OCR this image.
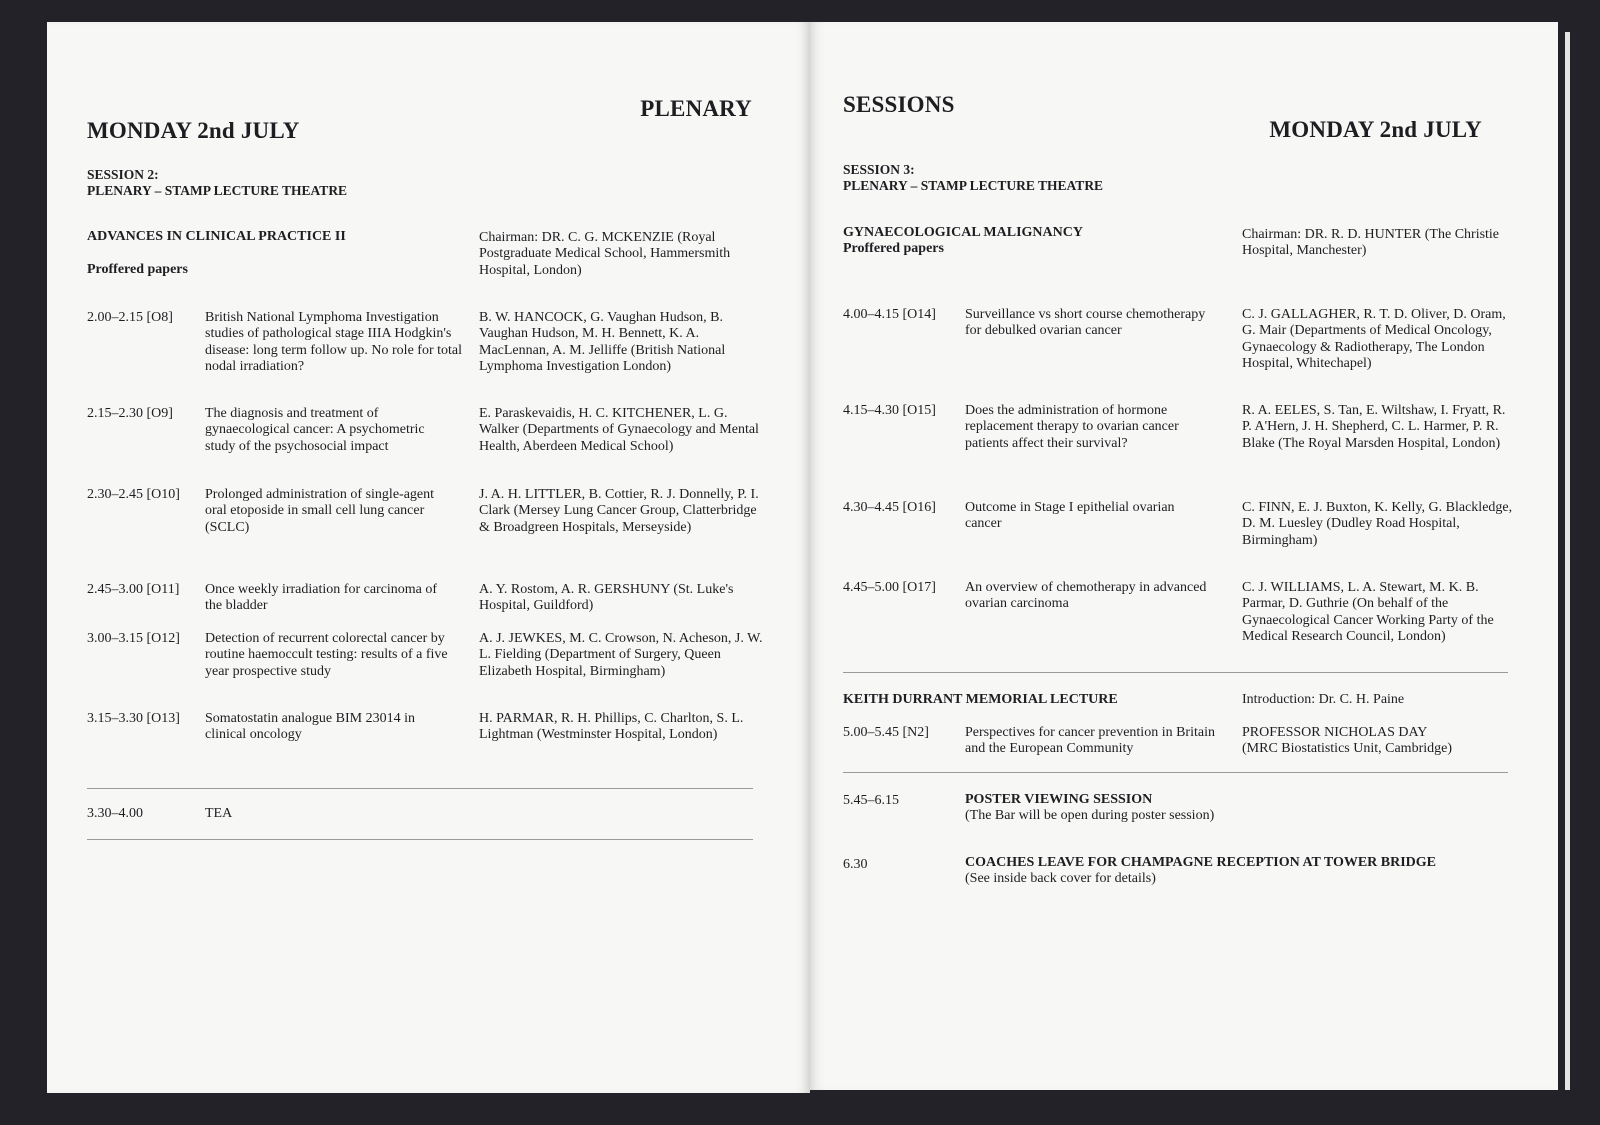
MONDAY 2nd JULY
PLENARY
SESSION 2:
PLENARY – STAMP LECTURE THEATRE
ADVANCES IN CLINICAL PRACTICE II
Proffered papers
Chairman: DR. C. G. MCKENZIE (Royal Postgraduate Medical School, Hammersmith Hospital, London)
2.00–2.15 [O8] British National Lymphoma Investigation studies of pathological stage IIIA Hodgkin's disease: long term follow up. No role for total nodal irradiation?
B. W. HANCOCK, G. Vaughan Hudson, B. Vaughan Hudson, M. H. Bennett, K. A. MacLennan, A. M. Jelliffe (British National Lymphoma Investigation London)
2.15–2.30 [O9] The diagnosis and treatment of gynaecological cancer: A psychometric study of the psychosocial impact
E. Paraskevaidis, H. C. KITCHENER, L. G. Walker (Departments of Gynaecology and Mental Health, Aberdeen Medical School)
2.30–2.45 [O10] Prolonged administration of single-agent oral etoposide in small cell lung cancer (SCLC)
J. A. H. LITTLER, B. Cottier, R. J. Donnelly, P. I. Clark (Mersey Lung Cancer Group, Clatterbridge & Broadgreen Hospitals, Merseyside)
2.45–3.00 [O11] Once weekly irradiation for carcinoma of the bladder
A. Y. Rostom, A. R. GERSHUNY (St. Luke's Hospital, Guildford)
3.00–3.15 [O12] Detection of recurrent colorectal cancer by routine haemoccult testing: results of a five year prospective study
A. J. JEWKES, M. C. Crowson, N. Acheson, J. W. L. Fielding (Department of Surgery, Queen Elizabeth Hospital, Birmingham)
3.15–3.30 [O13] Somatostatin analogue BIM 23014 in clinical oncology
H. PARMAR, R. H. Phillips, C. Charlton, S. L. Lightman (Westminster Hospital, London)
3.30–4.00	TEA
SESSIONS
MONDAY 2nd JULY
SESSION 3:
PLENARY – STAMP LECTURE THEATRE
GYNAECOLOGICAL MALIGNANCY
Proffered papers
Chairman: DR. R. D. HUNTER (The Christie Hospital, Manchester)
4.00–4.15 [O14] Surveillance vs short course chemotherapy for debulked ovarian cancer
C. J. GALLAGHER, R. T. D. Oliver, D. Oram, G. Mair (Departments of Medical Oncology, Gynaecology & Radiotherapy, The London Hospital, Whitechapel)
4.15–4.30 [O15] Does the administration of hormone replacement therapy to ovarian cancer patients affect their survival?
R. A. EELES, S. Tan, E. Wiltshaw, I. Fryatt, R. P. A'Hern, J. H. Shepherd, C. L. Harmer, P. R. Blake (The Royal Marsden Hospital, London)
4.30–4.45 [O16] Outcome in Stage I epithelial ovarian cancer
C. FINN, E. J. Buxton, K. Kelly, G. Blackledge, D. M. Luesley (Dudley Road Hospital, Birmingham)
4.45–5.00 [O17] An overview of chemotherapy in advanced ovarian carcinoma
C. J. WILLIAMS, L. A. Stewart, M. K. B. Parmar, D. Guthrie (On behalf of the Gynaecological Cancer Working Party of the Medical Research Council, London)
KEITH DURRANT MEMORIAL LECTURE	Introduction: Dr. C. H. Paine
5.00–5.45 [N2]	Perspectives for cancer prevention in Britain and the European Community
PROFESSOR NICHOLAS DAY
(MRC Biostatistics Unit, Cambridge)
5.45–6.15	POSTER VIEWING SESSION
(The Bar will be open during poster session)
6.30	COACHES LEAVE FOR CHAMPAGNE RECEPTION AT TOWER BRIDGE
(See inside back cover for details)
